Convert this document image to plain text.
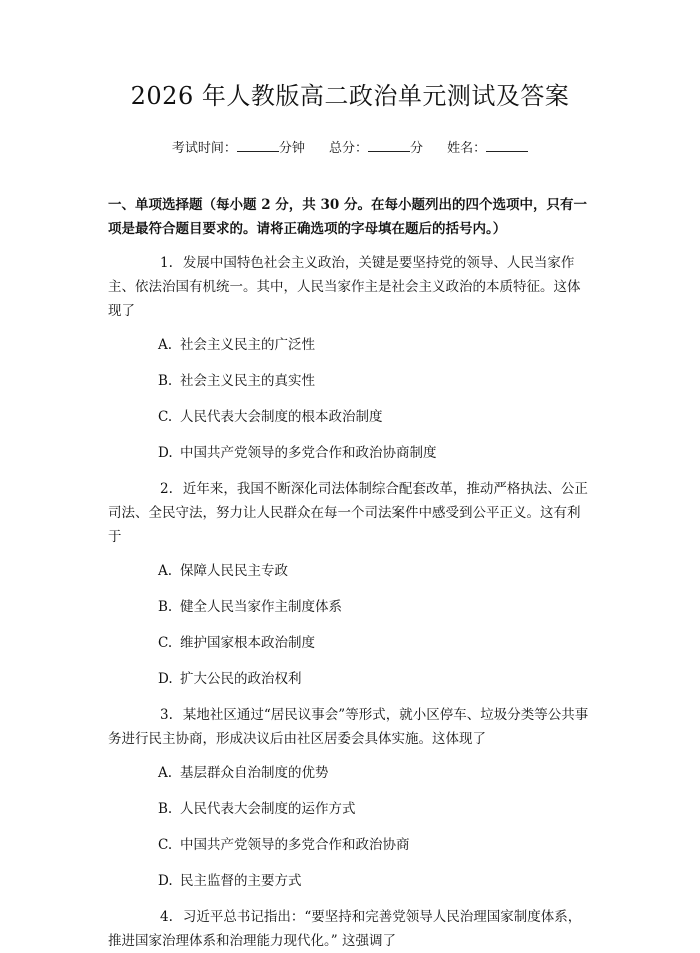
2026 年人教版高二政治单元测试及答案
考试时间：	分钟 总分：	分 姓名：
一、单项选择题（每小题 2 分，共 30 分。在每小题列出的四个选项中，只有一项是最符合题目要求的。请将正确选项的字母填在题后的括号内。）
1. 发展中国特色社会主义政治，关键是要坚持党的领导、人民当家作主、依法治国有机统一。其中，人民当家作主是社会主义政治的本质特征。这体现了
A. 社会主义民主的广泛性
B. 社会主义民主的真实性
C. 人民代表大会制度的根本政治制度
D. 中国共产党领导的多党合作和政治协商制度
2. 近年来，我国不断深化司法体制综合配套改革，推动严格执法、公正司法、全民守法，努力让人民群众在每一个司法案件中感受到公平正义。这有利于
A. 保障人民民主专政
B. 健全人民当家作主制度体系
C. 维护国家根本政治制度
D. 扩大公民的政治权利
3. 某地社区通过“居民议事会”等形式，就小区停车、垃圾分类等公共事务进行民主协商，形成决议后由社区居委会具体实施。这体现了
A. 基层群众自治制度的优势
B. 人民代表大会制度的运作方式
C. 中国共产党领导的多党合作和政治协商
D. 民主监督的主要方式
4. 习近平总书记指出：“要坚持和完善党领导人民治理国家制度体系，推进国家治理体系和治理能力现代化。” 这强调了
